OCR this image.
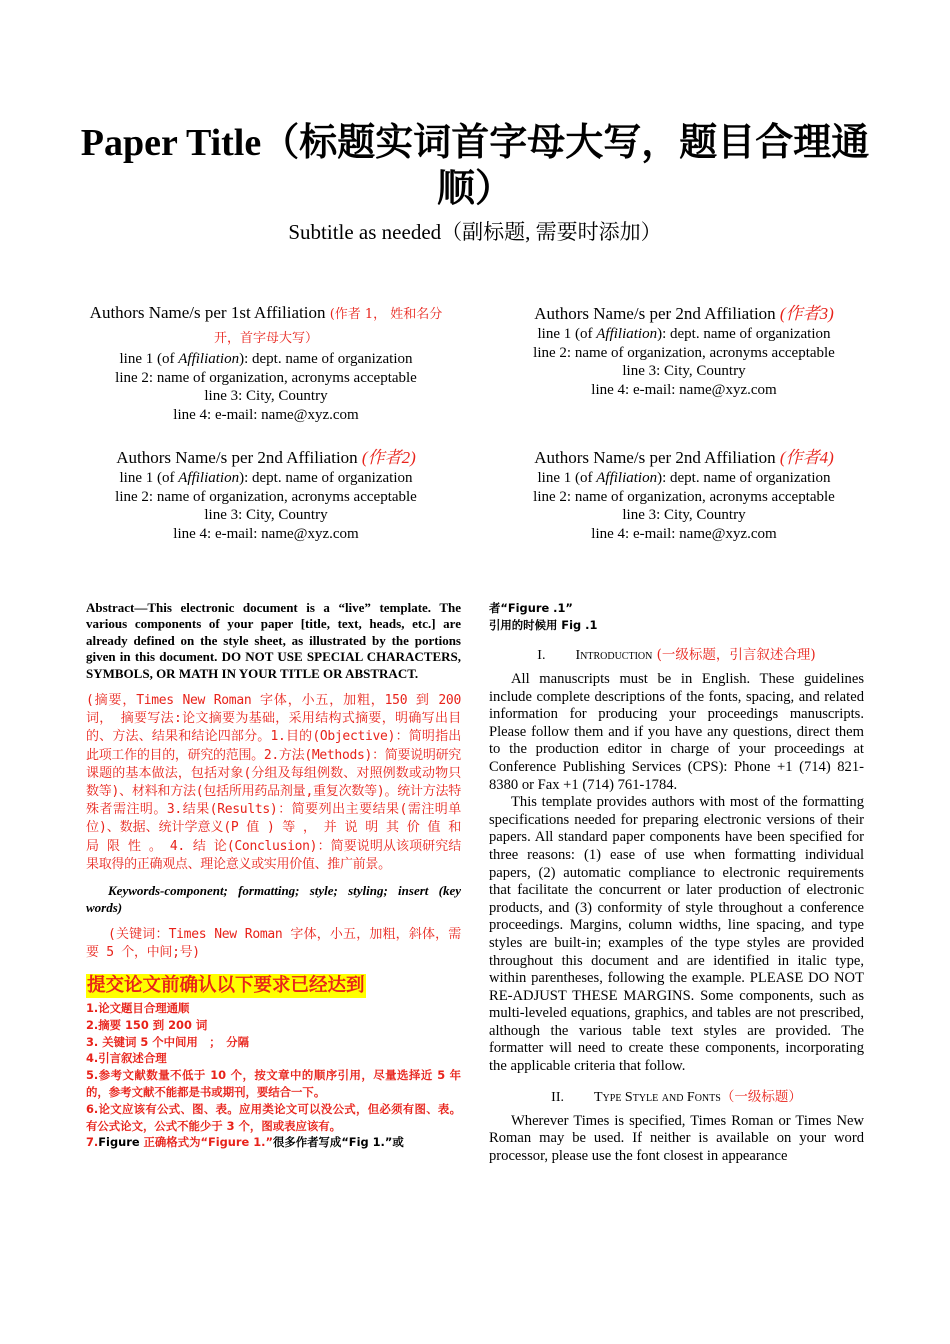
Paper Title（标题实词首字母大写，题目合理通顺）
Subtitle as needed（副标题, 需要时添加）
Authors Name/s per 1st Affiliation (作者 1， 姓和名分开，首字母大写）
line 1 (of Affiliation): dept. name of organization
line 2: name of organization, acronyms acceptable
line 3: City, Country
line 4: e-mail: name@xyz.com
Authors Name/s per 2nd Affiliation (作者3)
line 1 (of Affiliation): dept. name of organization
line 2: name of organization, acronyms acceptable
line 3: City, Country
line 4: e-mail: name@xyz.com
Authors Name/s per 2nd Affiliation (作者2)
line 1 (of Affiliation): dept. name of organization
line 2: name of organization, acronyms acceptable
line 3: City, Country
line 4: e-mail: name@xyz.com
Authors Name/s per 2nd Affiliation (作者4)
line 1 (of Affiliation): dept. name of organization
line 2: name of organization, acronyms acceptable
line 3: City, Country
line 4: e-mail: name@xyz.com

Abstract—This electronic document is a “live” template. The various components of your paper [title, text, heads, etc.] are already defined on the style sheet, as illustrated by the portions given in this document. DO NOT USE SPECIAL CHARACTERS, SYMBOLS, OR MATH IN YOUR TITLE OR ABSTRACT.

(摘要，Times New Roman 字体，小五，加粗，150 到 200 词， 摘要写法:论文摘要为基础，采用结构式摘要，明确写出目的、方法、结果和结论四部分。1.目的(Objective)：简明指出此项工作的目的，研究的范围。2.方法(Methods)：简要说明研究课题的基本做法，包括对象(分组及每组例数、对照例数或动物只数等)、材料和方法(包括所用药品剂量,重复次数等)。统计方法特殊者需注明。3.结果(Results)：简要列出主要结果(需注明单位)、数据、统计学意义(P 值 ) 等 ， 并 说 明 其 价 值 和 局 限 性 。 4. 结 论(Conclusion)：简要说明从该项研究结果取得的正确观点、理论意义或实用价值、推广前景。

Keywords-component; formatting; style; styling; insert (key words)

(关键词：Times New Roman 字体，小五，加粗，斜体，需要 5 个，中间;号)

提交论文前确认以下要求已经达到
1.论文题目合理通顺
2.摘要 150 到 200 词
3. 关键词 5 个中间用　；　分隔
4.引言叙述合理
5.参考文献数量不低于 10 个，按文章中的顺序引用，尽量选择近 5 年的，参考文献不能都是书或期刊，要结合一下。
6.论文应该有公式、图、表。应用类论文可以没公式，但必须有图、表。有公式论文，公式不能少于 3 个，图或表应该有。
7.Figure 正确格式为“Figure 1.”很多作者写成“Fig 1.”或
者“Figure .1”
引用的时候用 Fig .1
I. Introduction (一级标题，引言叙述合理)

All manuscripts must be in English. These guidelines include complete descriptions of the fonts, spacing, and related information for producing your proceedings manuscripts. Please follow them and if you have any questions, direct them to the production editor in charge of your proceedings at Conference Publishing Services (CPS): Phone +1 (714) 821-8380 or Fax +1 (714) 761-1784.

This template provides authors with most of the formatting specifications needed for preparing electronic versions of their papers. All standard paper components have been specified for three reasons: (1) ease of use when formatting individual papers, (2) automatic compliance to electronic requirements that facilitate the concurrent or later production of electronic products, and (3) conformity of style throughout a conference proceedings. Margins, column widths, line spacing, and type styles are built-in; examples of the type styles are provided throughout this document and are identified in italic type, within parentheses, following the example. PLEASE DO NOT RE-ADJUST THESE MARGINS. Some components, such as multi-leveled equations, graphics, and tables are not prescribed, although the various table text styles are provided. The formatter will need to create these components, incorporating the applicable criteria that follow.

II. Type Style and Fonts（一级标题）

Wherever Times is specified, Times Roman or Times New Roman may be used. If neither is available on your word processor, please use the font closest in appearance
